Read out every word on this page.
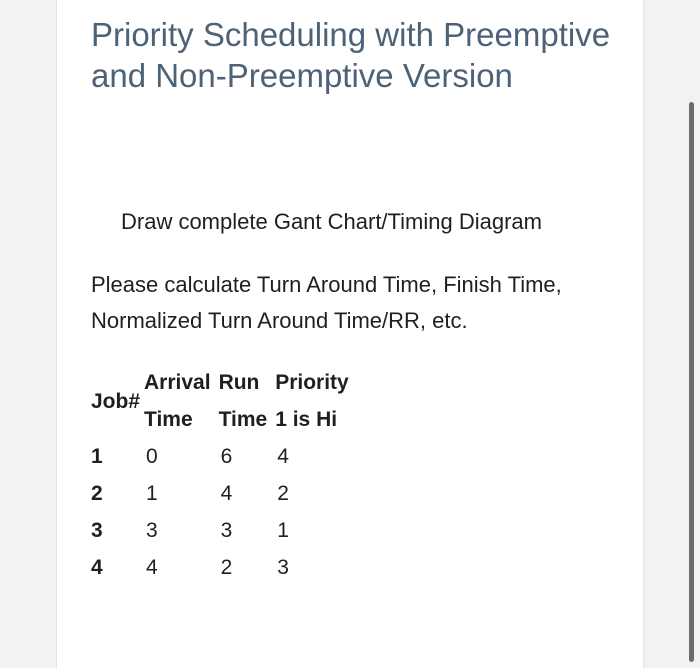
Priority Scheduling with Preemptive and Non-Preemptive Version

Draw complete Gant Chart/Timing Diagram

Please calculate Turn Around Time, Finish Time, Normalized Turn Around Time/RR, etc.

Job#	Arrival	Run	Priority
	Time	Time	1 is Hi
1	0	6	4
2	1	4	2
3	3	3	1
4	4	2	3
